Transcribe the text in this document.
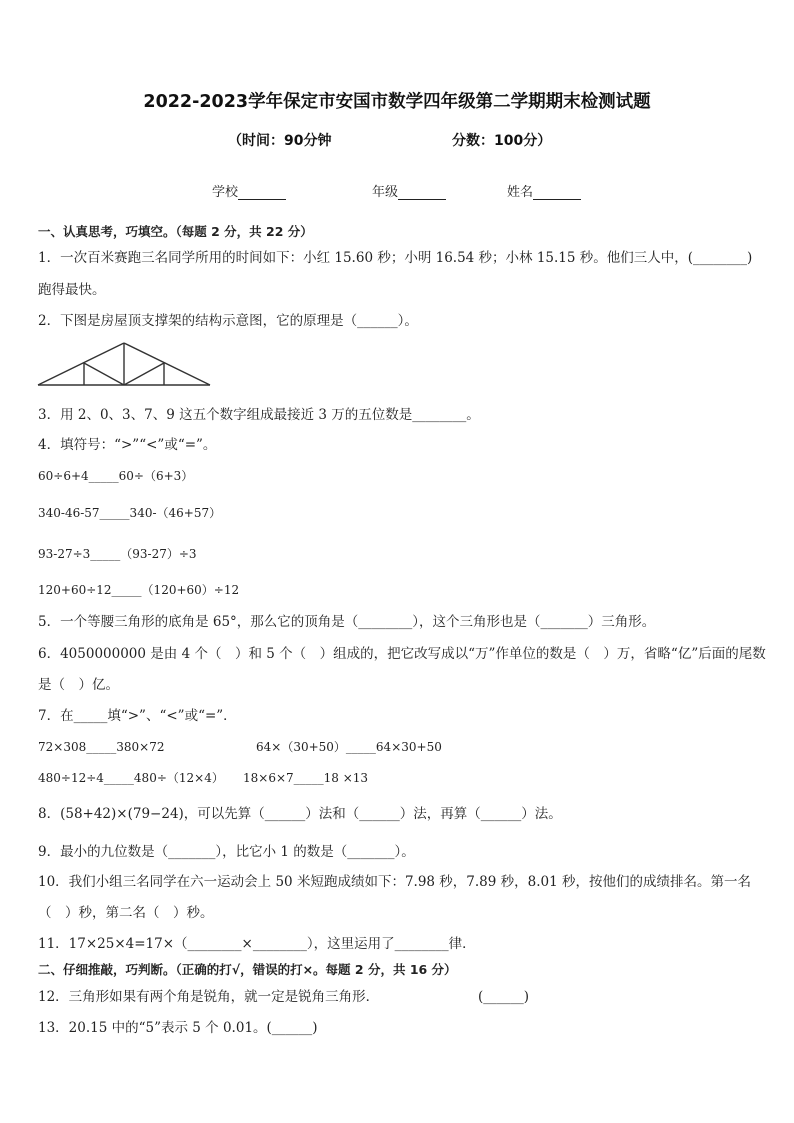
2022-2023学年保定市安国市数学四年级第二学期期末检测试题
（时间：90分钟	分数：100分）
学校	年级	姓名
一、认真思考，巧填空。（每题 2 分，共 22 分）
1．一次百米赛跑三名同学所用的时间如下：小红 15.60 秒；小明 16.54 秒；小林 15.15 秒。他们三人中，(________)
跑得最快。
2．下图是房屋顶支撑架的结构示意图，它的原理是（______）。
3．用 2、0、3、7、9 这五个数字组成最接近 3 万的五位数是________。
4．填符号：“>”“<”或“=”。
60÷6+4_____60÷（6+3）
340-46-57_____340-（46+57）
93-27÷3_____（93-27）÷3
120+60÷12_____（120+60）÷12
5．一个等腰三角形的底角是 65°，那么它的顶角是（________），这个三角形也是（_______）三角形。
6．4050000000 是由 4 个（　）和 5 个（　）组成的，把它改写成以“万”作单位的数是（　）万，省略“亿”后面的尾数
是（　）亿。
7．在_____填“>”、“<”或“=”．
72×308_____380×72	64×（30+50）_____64×30+50
480÷12÷4_____480÷（12×4） 18×6×7_____18 ×13
8．(58+42)×(79−24)，可以先算（______）法和（______）法，再算（______）法。
9．最小的九位数是（_______），比它小 1 的数是（_______）。
10．我们小组三名同学在六一运动会上 50 米短跑成绩如下：7.98 秒，7.89 秒，8.01 秒，按他们的成绩排名。第一名
（　）秒，第二名（　）秒。
11．17×25×4=17×（________×________），这里运用了________律．
二、仔细推敲，巧判断。（正确的打√，错误的打×。每题 2 分，共 16 分）
12．三角形如果有两个角是锐角，就一定是锐角三角形．	(______)
13．20.15 中的“5”表示 5 个 0.01。(______)
